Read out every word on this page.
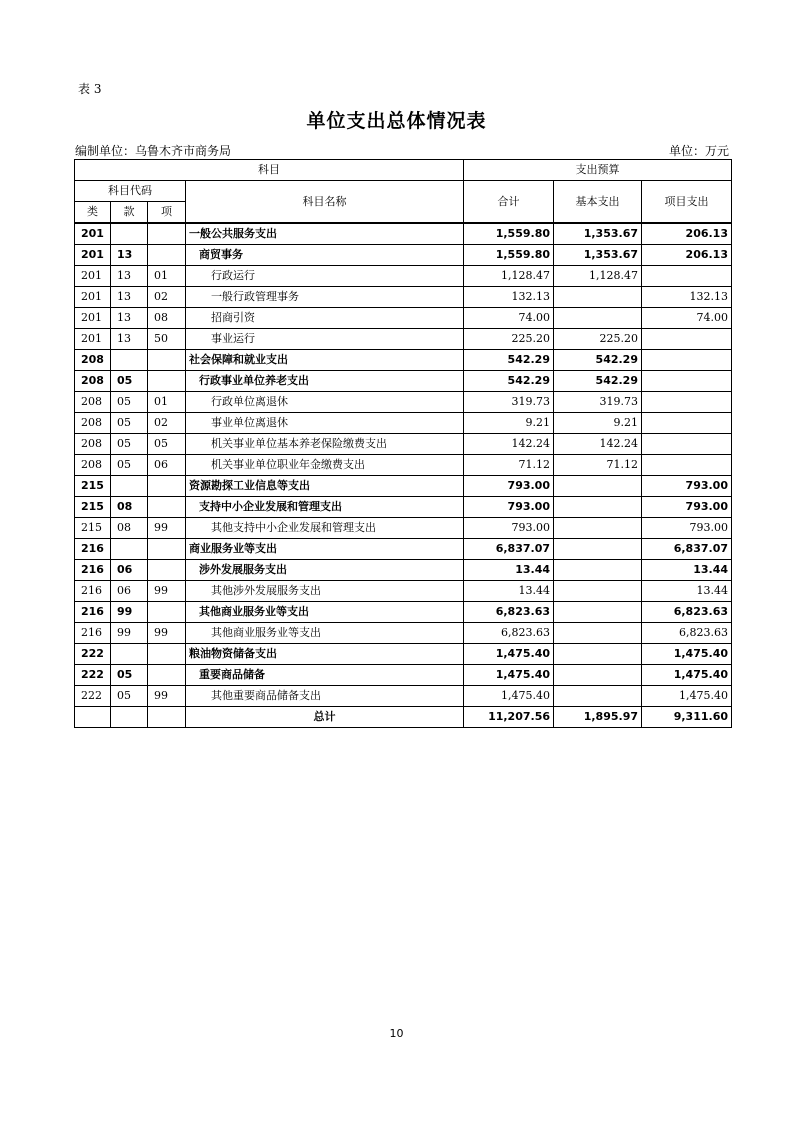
表 3
单位支出总体情况表
编制单位：乌鲁木齐市商务局	单位：万元
科目				支出预算		
科目代码			科目名称	合计	基本支出	项目支出
类	款	项				
201			一般公共服务支出	1,559.80	1,353.67	206.13
201	13		商贸事务	1,559.80	1,353.67	206.13
201	13	01	行政运行	1,128.47	1,128.47	
201	13	02	一般行政管理事务	132.13		132.13
201	13	08	招商引资	74.00		74.00
201	13	50	事业运行	225.20	225.20	
208			社会保障和就业支出	542.29	542.29	
208	05		行政事业单位养老支出	542.29	542.29	
208	05	01	行政单位离退休	319.73	319.73	
208	05	02	事业单位离退休	9.21	9.21	
208	05	05	机关事业单位基本养老保险缴费支出	142.24	142.24	
208	05	06	机关事业单位职业年金缴费支出	71.12	71.12	
215			资源勘探工业信息等支出	793.00		793.00
215	08		支持中小企业发展和管理支出	793.00		793.00
215	08	99	其他支持中小企业发展和管理支出	793.00		793.00
216			商业服务业等支出	6,837.07		6,837.07
216	06		涉外发展服务支出	13.44		13.44
216	06	99	其他涉外发展服务支出	13.44		13.44
216	99		其他商业服务业等支出	6,823.63		6,823.63
216	99	99	其他商业服务业等支出	6,823.63		6,823.63
222			粮油物资储备支出	1,475.40		1,475.40
222	05		重要商品储备	1,475.40		1,475.40
222	05	99	其他重要商品储备支出	1,475.40		1,475.40
			总计	11,207.56	1,895.97	9,311.60
10
